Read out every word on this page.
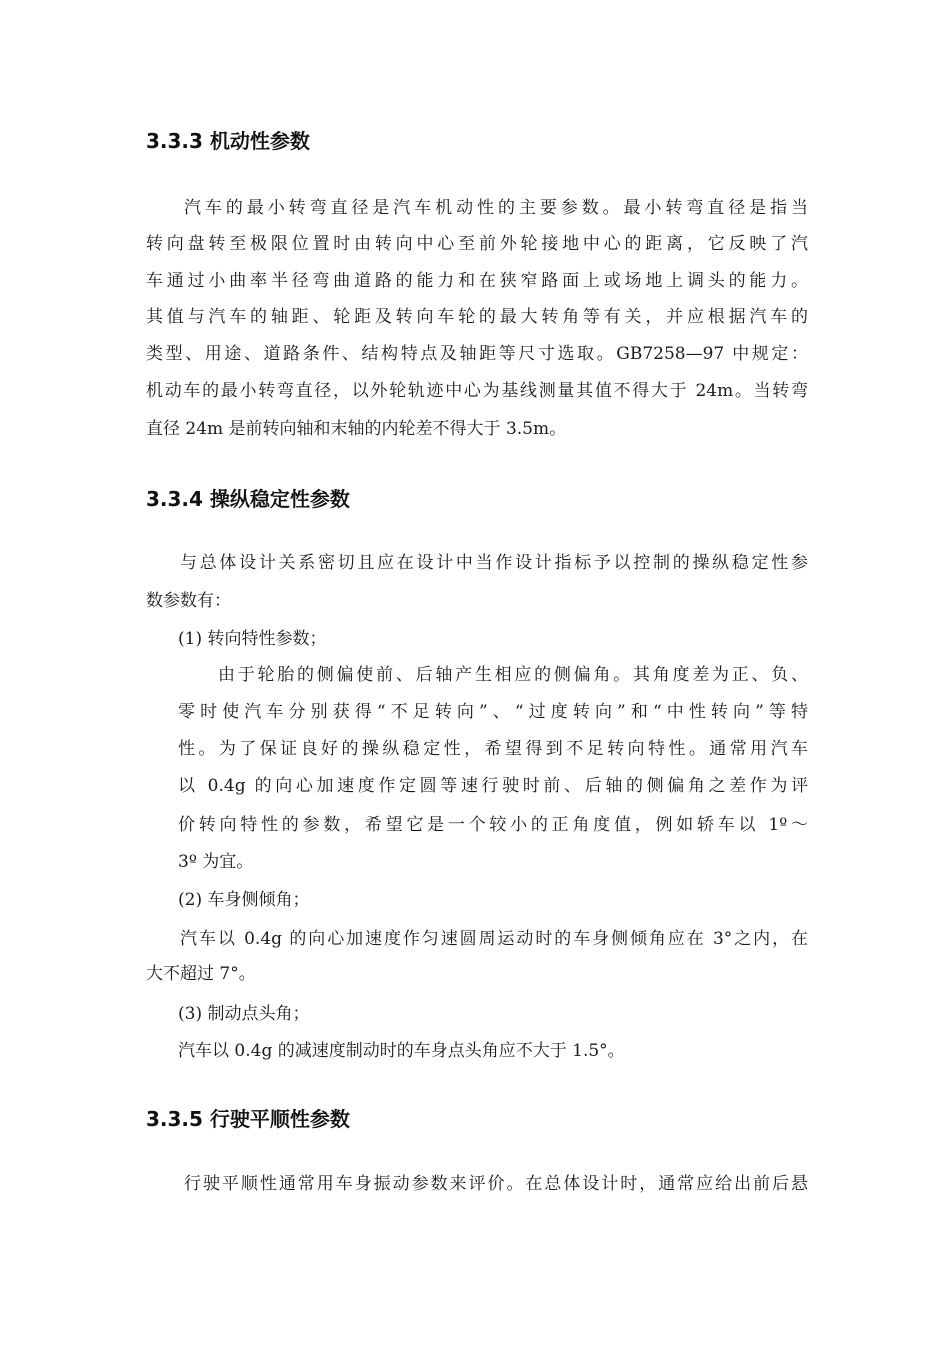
3.3.3 机动性参数

汽车的最小转弯直径是汽车机动性的主要参数。最小转弯直径是指当

转向盘转至极限位置时由转向中心至前外轮接地中心的距离，它反映了汽

车通过小曲率半径弯曲道路的能力和在狭窄路面上或场地上调头的能力。

其值与汽车的轴距、轮距及转向车轮的最大转角等有关，并应根据汽车的

类型、用途、道路条件、结构特点及轴距等尺寸选取。GB7258—97 中规定：

机动车的最小转弯直径，以外轮轨迹中心为基线测量其值不得大于 24m。当转弯

直径 24m 是前转向轴和末轴的内轮差不得大于 3.5m。

3.3.4 操纵稳定性参数

与总体设计关系密切且应在设计中当作设计指标予以控制的操纵稳定性参

数参数有：

(1) 转向特性参数；

由于轮胎的侧偏使前、后轴产生相应的侧偏角。其角度差为正、负、

零时使汽车分别获得“不足转向”、“过度转向”和“中性转向”等特

性。为了保证良好的操纵稳定性，希望得到不足转向特性。通常用汽车

以 0.4g 的向心加速度作定圆等速行驶时前、后轴的侧偏角之差作为评

价转向特性的参数，希望它是一个较小的正角度值，例如轿车以 1º～

3º 为宜。

(2) 车身侧倾角；

汽车以 0.4g 的向心加速度作匀速圆周运动时的车身侧倾角应在 3°之内，在

大不超过 7°。

(3) 制动点头角；

汽车以 0.4g 的减速度制动时的车身点头角应不大于 1.5°。

3.3.5 行驶平顺性参数

行驶平顺性通常用车身振动参数来评价。在总体设计时，通常应给出前后悬
